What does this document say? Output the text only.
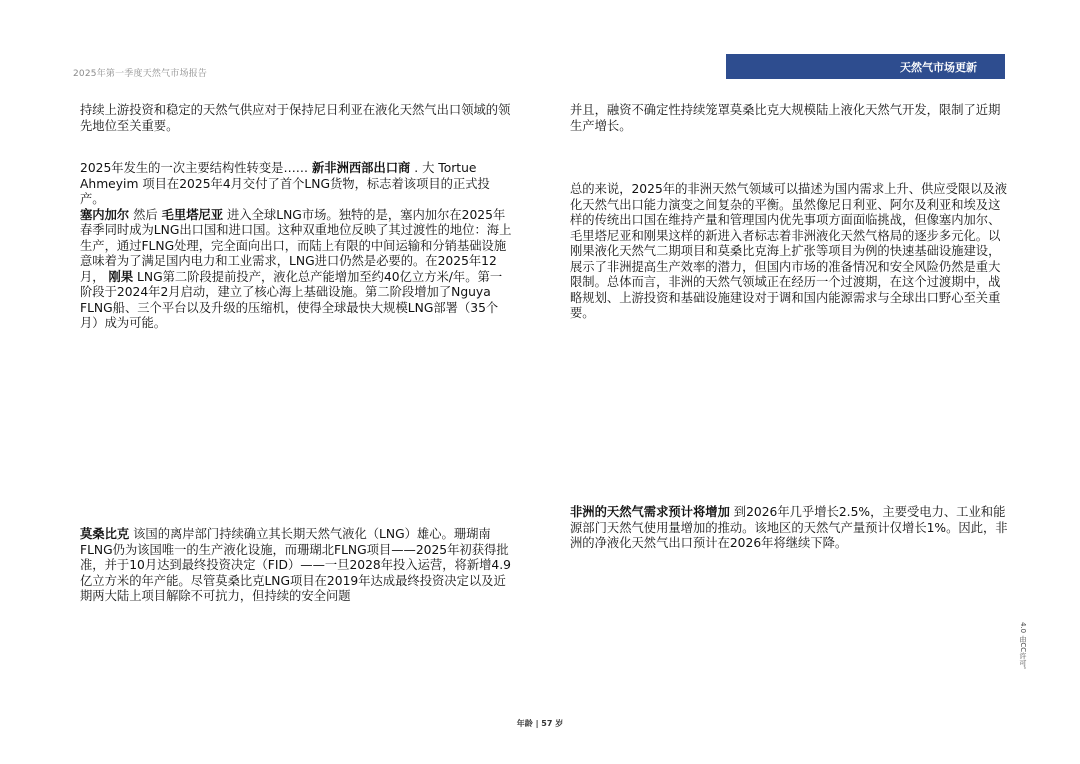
2025年第一季度天然气市场报告
天然气市场更新

持续上游投资和稳定的天然气供应对于保持尼日利亚在液化天然气出口领域的领先地位至关重要。

2025年发生的一次主要结构性转变是…… 新非洲西部出口商 . 大 Tortue Ahmeyim 项目在2025年4月交付了首个LNG货物，标志着该项目的正式投产。
塞内加尔 然后 毛里塔尼亚 进入全球LNG市场。独特的是，塞内加尔在2025年春季同时成为LNG出口国和进口国。这种双重地位反映了其过渡性的地位：海上生产，通过FLNG处理，完全面向出口，而陆上有限的中间运输和分销基础设施意味着为了满足国内电力和工业需求，LNG进口仍然是必要的。在2025年12月， 刚果 LNG第二阶段提前投产，液化总产能增加至约40亿立方米/年。第一阶段于2024年2月启动，建立了核心海上基础设施。第二阶段增加了Nguya FLNG船、三个平台以及升级的压缩机，使得全球最快大规模LNG部署（35个月）成为可能。

莫桑比克 该国的离岸部门持续确立其长期天然气液化（LNG）雄心。珊瑚南FLNG仍为该国唯一的生产液化设施，而珊瑚北FLNG项目——2025年初获得批准，并于10月达到最终投资决定（FID）——一旦2028年投入运营，将新增4.9亿立方米的年产能。尽管莫桑比克LNG项目在2019年达成最终投资决定以及近期两大陆上项目解除不可抗力，但持续的安全问题

并且，融资不确定性持续笼罩莫桑比克大规模陆上液化天然气开发，限制了近期生产增长。

总的来说，2025年的非洲天然气领域可以描述为国内需求上升、供应受限以及液化天然气出口能力演变之间复杂的平衡。虽然像尼日利亚、阿尔及利亚和埃及这样的传统出口国在维持产量和管理国内优先事项方面面临挑战，但像塞内加尔、毛里塔尼亚和刚果这样的新进入者标志着非洲液化天然气格局的逐步多元化。以刚果液化天然气二期项目和莫桑比克海上扩张等项目为例的快速基础设施建设，展示了非洲提高生产效率的潜力，但国内市场的准备情况和安全风险仍然是重大限制。总体而言，非洲的天然气领域正在经历一个过渡期，在这个过渡期中，战略规划、上游投资和基础设施建设对于调和国内能源需求与全球出口野心至关重要。

非洲的天然气需求预计将增加 到2026年几乎增长2.5%，主要受电力、工业和能源部门天然气使用量增加的推动。该地区的天然气产量预计仅增长1%。因此，非洲的净液化天然气出口预计在2026年将继续下降。

4.0 由CC许可。
年龄 | 57 岁
